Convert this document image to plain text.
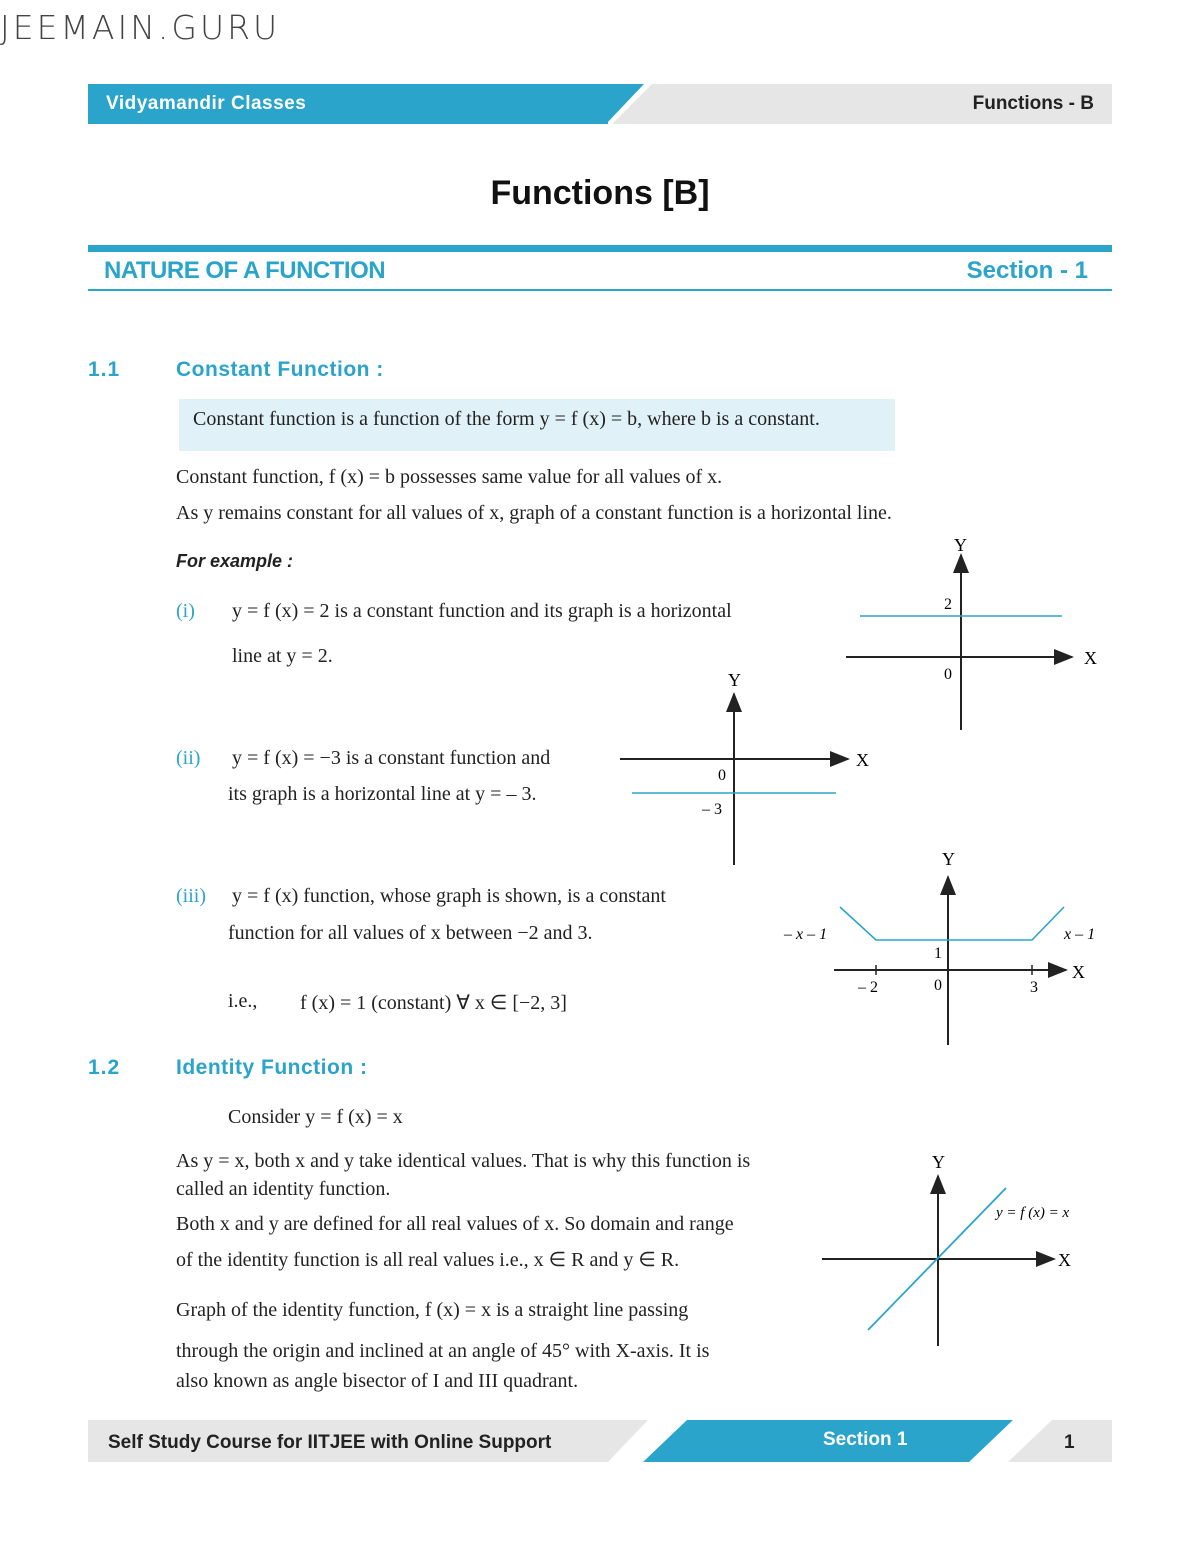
JEEMAIN.GURU
Vidyamandir Classes	Functions - B
Functions [B]
NATURE OF A FUNCTION	Section - 1
1.1	Constant Function :
Constant function is a function of the form y = f (x) = b, where b is a constant.
Constant function, f (x) = b possesses same value for all values of x.
As y remains constant for all values of x, graph of a constant function is a horizontal line.
For example :
(i) y = f (x) = 2 is a constant function and its graph is a horizontal
line at y = 2.
(ii) y = f (x) = −3 is a constant function and
its graph is a horizontal line at y = – 3.
(iii) y = f (x) function, whose graph is shown, is a constant
function for all values of x between −2 and 3.
i.e., f (x) = 1 (constant) ∀ x ∈ [−2, 3]
1.2	Identity Function :
Consider y = f (x) = x
As y = x, both x and y take identical values. That is why this function is
called an identity function.
Both x and y are defined for all real values of x. So domain and range
of the identity function is all real values i.e., x ∈ R and y ∈ R.
Graph of the identity function, f (x) = x is a straight line passing
through the origin and inclined at an angle of 45° with X-axis. It is
also known as angle bisector of I and III quadrant.
Y
X
2
0
Y
X
0
– 3
Y
X
– x – 1	x – 1
1
– 2	0	3
Y
X
y = f (x) = x
Self Study Course for IITJEE with Online Support	Section 1	1
